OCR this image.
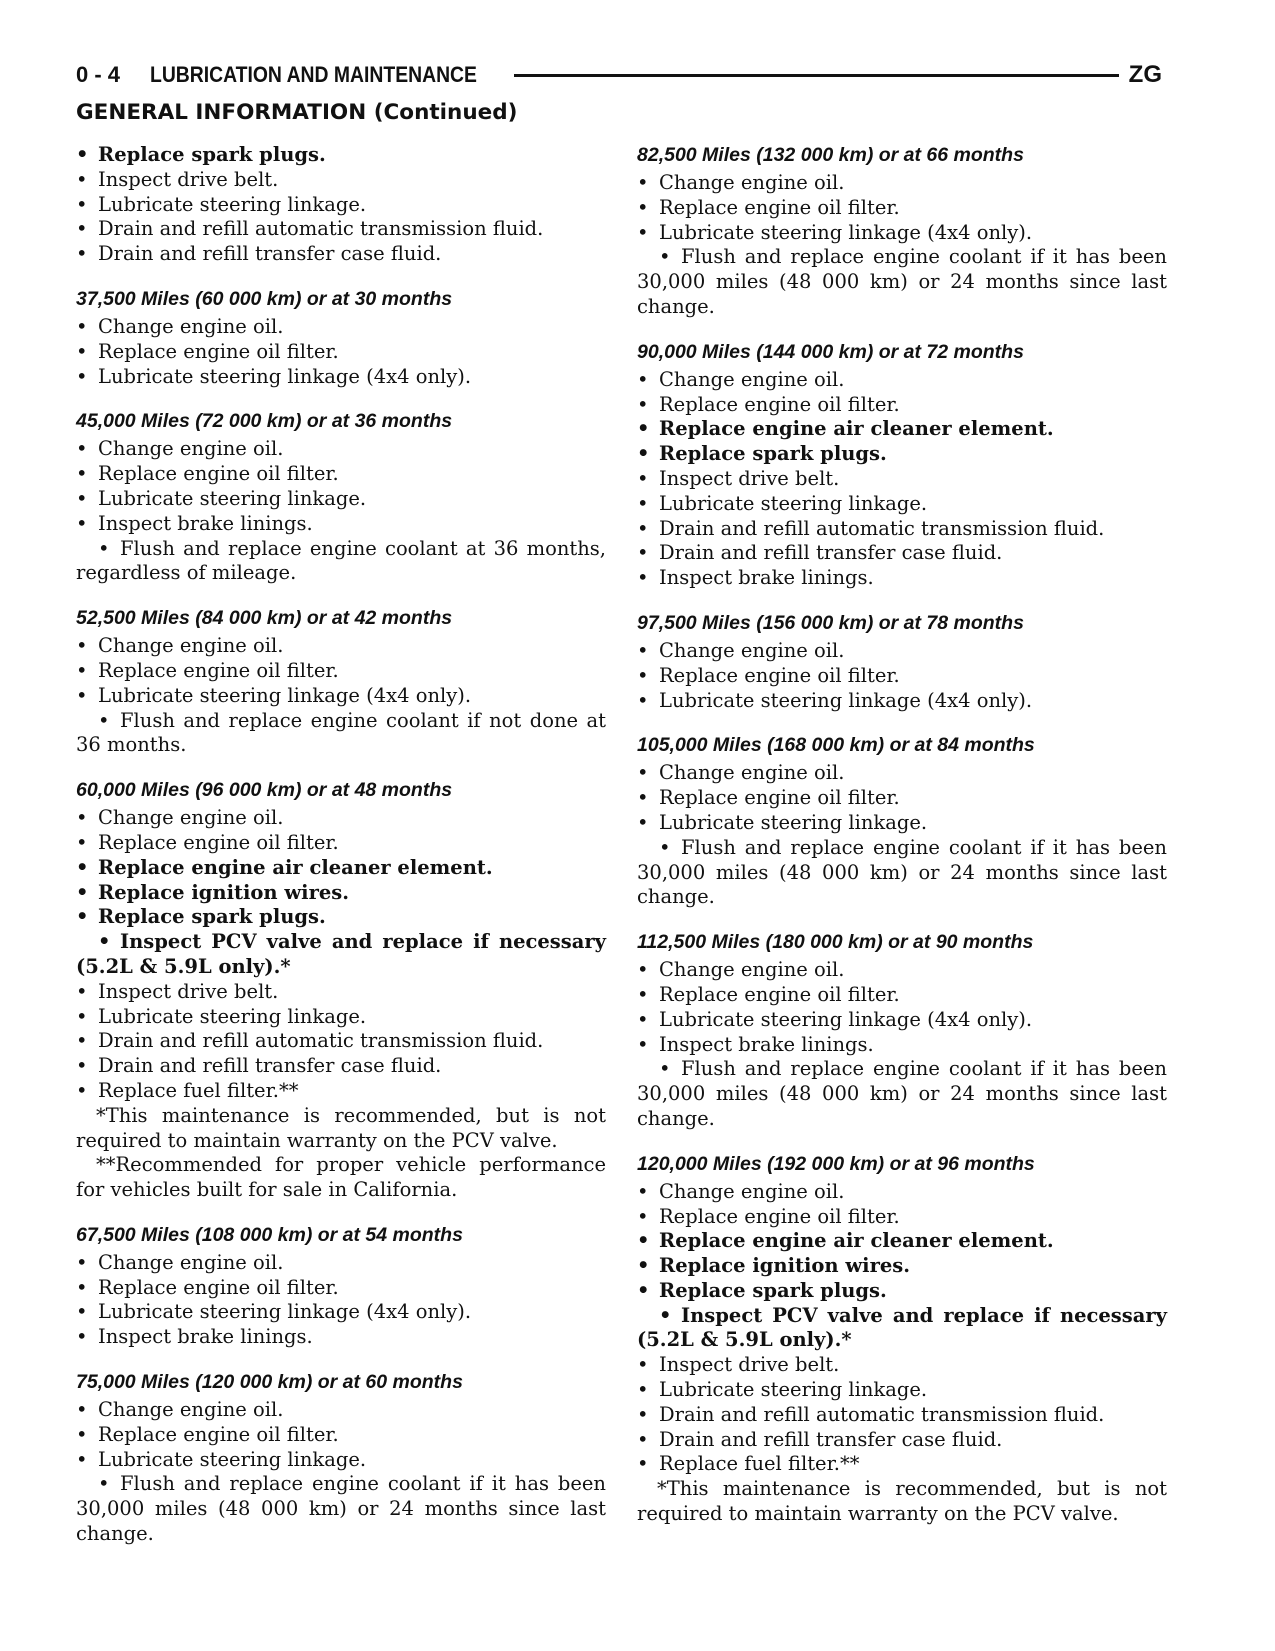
0 - 4 LUBRICATION AND MAINTENANCE	ZG
GENERAL INFORMATION (Continued)
• Replace spark plugs.
• Inspect drive belt.
• Lubricate steering linkage.
• Drain and refill automatic transmission fluid.
• Drain and refill transfer case fluid.
37,500 Miles (60 000 km) or at 30 months
• Change engine oil.
• Replace engine oil filter.
• Lubricate steering linkage (4x4 only).
45,000 Miles (72 000 km) or at 36 months
• Change engine oil.
• Replace engine oil filter.
• Lubricate steering linkage.
• Inspect brake linings.
• Flush and replace engine coolant at 36 months, regardless of mileage.
52,500 Miles (84 000 km) or at 42 months
• Change engine oil.
• Replace engine oil filter.
• Lubricate steering linkage (4x4 only).
• Flush and replace engine coolant if not done at 36 months.
60,000 Miles (96 000 km) or at 48 months
• Change engine oil.
• Replace engine oil filter.
• Replace engine air cleaner element.
• Replace ignition wires.
• Replace spark plugs.
• Inspect PCV valve and replace if necessary (5.2L & 5.9L only).*
• Inspect drive belt.
• Lubricate steering linkage.
• Drain and refill automatic transmission fluid.
• Drain and refill transfer case fluid.
• Replace fuel filter.**
*This maintenance is recommended, but is not required to maintain warranty on the PCV valve.
**Recommended for proper vehicle performance for vehicles built for sale in California.
67,500 Miles (108 000 km) or at 54 months
• Change engine oil.
• Replace engine oil filter.
• Lubricate steering linkage (4x4 only).
• Inspect brake linings.
75,000 Miles (120 000 km) or at 60 months
• Change engine oil.
• Replace engine oil filter.
• Lubricate steering linkage.
• Flush and replace engine coolant if it has been 30,000 miles (48 000 km) or 24 months since last change.
82,500 Miles (132 000 km) or at 66 months
• Change engine oil.
• Replace engine oil filter.
• Lubricate steering linkage (4x4 only).
• Flush and replace engine coolant if it has been 30,000 miles (48 000 km) or 24 months since last change.
90,000 Miles (144 000 km) or at 72 months
• Change engine oil.
• Replace engine oil filter.
• Replace engine air cleaner element.
• Replace spark plugs.
• Inspect drive belt.
• Lubricate steering linkage.
• Drain and refill automatic transmission fluid.
• Drain and refill transfer case fluid.
• Inspect brake linings.
97,500 Miles (156 000 km) or at 78 months
• Change engine oil.
• Replace engine oil filter.
• Lubricate steering linkage (4x4 only).
105,000 Miles (168 000 km) or at 84 months
• Change engine oil.
• Replace engine oil filter.
• Lubricate steering linkage.
• Flush and replace engine coolant if it has been 30,000 miles (48 000 km) or 24 months since last change.
112,500 Miles (180 000 km) or at 90 months
• Change engine oil.
• Replace engine oil filter.
• Lubricate steering linkage (4x4 only).
• Inspect brake linings.
• Flush and replace engine coolant if it has been 30,000 miles (48 000 km) or 24 months since last change.
120,000 Miles (192 000 km) or at 96 months
• Change engine oil.
• Replace engine oil filter.
• Replace engine air cleaner element.
• Replace ignition wires.
• Replace spark plugs.
• Inspect PCV valve and replace if necessary (5.2L & 5.9L only).*
• Inspect drive belt.
• Lubricate steering linkage.
• Drain and refill automatic transmission fluid.
• Drain and refill transfer case fluid.
• Replace fuel filter.**
*This maintenance is recommended, but is not required to maintain warranty on the PCV valve.
